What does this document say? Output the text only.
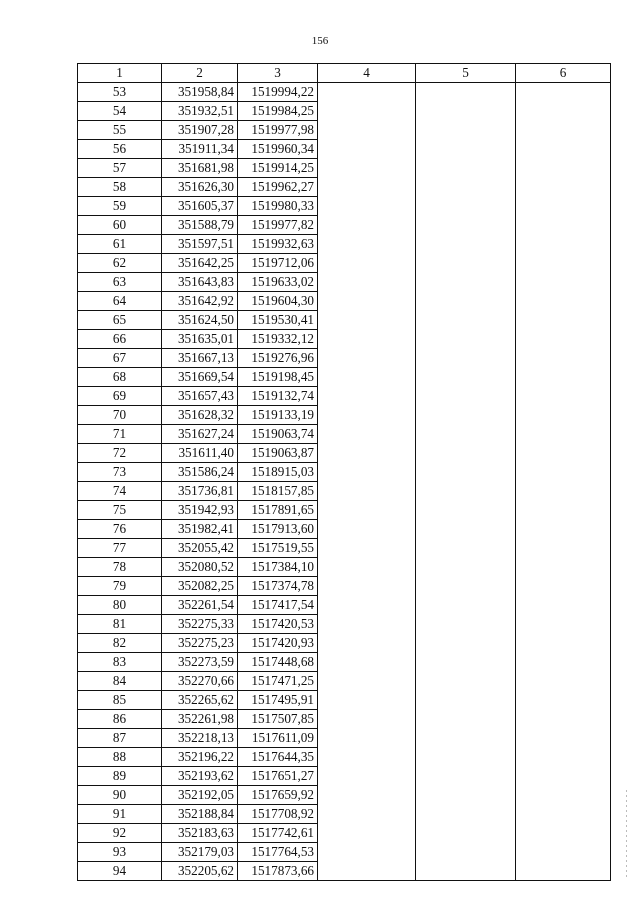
156
1	2	3	4	5	6
53	351958,84	1519994,22			
54	351932,51	1519984,25			
55	351907,28	1519977,98			
56	351911,34	1519960,34			
57	351681,98	1519914,25			
58	351626,30	1519962,27			
59	351605,37	1519980,33			
60	351588,79	1519977,82			
61	351597,51	1519932,63			
62	351642,25	1519712,06			
63	351643,83	1519633,02			
64	351642,92	1519604,30			
65	351624,50	1519530,41			
66	351635,01	1519332,12			
67	351667,13	1519276,96			
68	351669,54	1519198,45			
69	351657,43	1519132,74			
70	351628,32	1519133,19			
71	351627,24	1519063,74			
72	351611,40	1519063,87			
73	351586,24	1518915,03			
74	351736,81	1518157,85			
75	351942,93	1517891,65			
76	351982,41	1517913,60			
77	352055,42	1517519,55			
78	352080,52	1517384,10			
79	352082,25	1517374,78			
80	352261,54	1517417,54			
81	352275,33	1517420,53			
82	352275,23	1517420,93			
83	352273,59	1517448,68			
84	352270,66	1517471,25			
85	352265,62	1517495,91			
86	352261,98	1517507,85			
87	352218,13	1517611,09			
88	352196,22	1517644,35			
89	352193,62	1517651,27			
90	352192,05	1517659,92			
91	352188,84	1517708,92			
92	352183,63	1517742,61			
93	352179,03	1517764,53			
94	352205,62	1517873,66			
